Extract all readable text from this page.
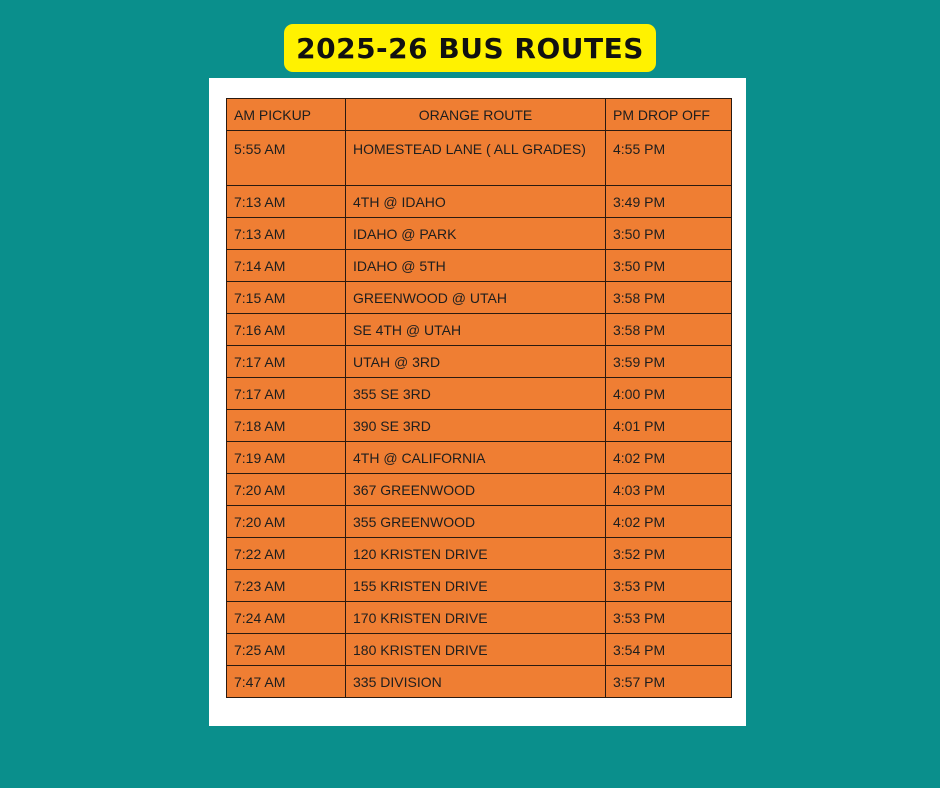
2025-26 BUS ROUTES
AM PICKUP	ORANGE ROUTE	PM DROP OFF
5:55 AM	HOMESTEAD LANE ( ALL GRADES)	4:55 PM
7:13 AM	4TH @ IDAHO	3:49 PM
7:13 AM	IDAHO @ PARK	3:50 PM
7:14 AM	IDAHO @ 5TH	3:50 PM
7:15 AM	GREENWOOD @ UTAH	3:58 PM
7:16 AM	SE 4TH @ UTAH	3:58 PM
7:17 AM	UTAH @ 3RD	3:59 PM
7:17 AM	355 SE 3RD	4:00 PM
7:18 AM	390 SE 3RD	4:01 PM
7:19 AM	4TH @ CALIFORNIA	4:02 PM
7:20 AM	367 GREENWOOD	4:03 PM
7:20 AM	355 GREENWOOD	4:02 PM
7:22 AM	120 KRISTEN DRIVE	3:52 PM
7:23 AM	155 KRISTEN DRIVE	3:53 PM
7:24 AM	170 KRISTEN DRIVE	3:53 PM
7:25 AM	180 KRISTEN DRIVE	3:54 PM
7:47 AM	335 DIVISION	3:57 PM
